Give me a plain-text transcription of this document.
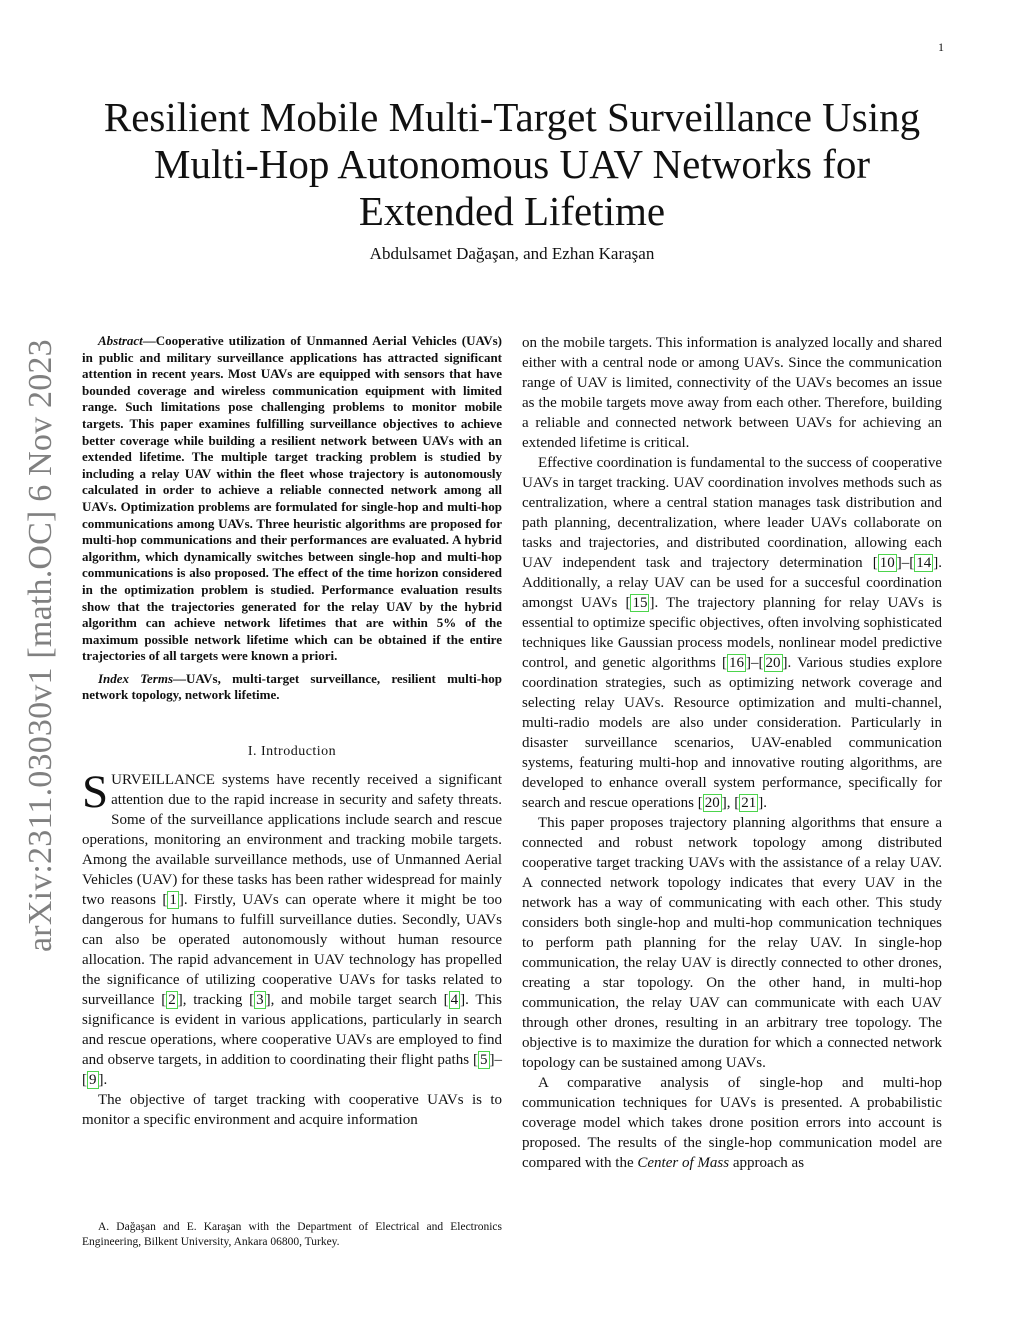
1
arXiv:2311.03030v1 [math.OC] 6 Nov 2023
Resilient Mobile Multi-Target Surveillance Using Multi-Hop Autonomous UAV Networks for Extended Lifetime
Abdulsamet Dağaşan, and Ezhan Karaşan

Abstract—Cooperative utilization of Unmanned Aerial Vehicles (UAVs) in public and military surveillance applications has attracted significant attention in recent years. Most UAVs are equipped with sensors that have bounded coverage and wireless communication equipment with limited range. Such limitations pose challenging problems to monitor mobile targets. This paper examines fulfilling surveillance objectives to achieve better coverage while building a resilient network between UAVs with an extended lifetime. The multiple target tracking problem is studied by including a relay UAV within the fleet whose trajectory is autonomously calculated in order to achieve a reliable connected network among all UAVs. Optimization problems are formulated for single-hop and multi-hop communications among UAVs. Three heuristic algorithms are proposed for multi-hop communications and their performances are evaluated. A hybrid algorithm, which dynamically switches between single-hop and multi-hop communications is also proposed. The effect of the time horizon considered in the optimization problem is studied. Performance evaluation results show that the trajectories generated for the relay UAV by the hybrid algorithm can achieve network lifetimes that are within 5% of the maximum possible network lifetime which can be obtained if the entire trajectories of all targets were known a priori.

Index Terms—UAVs, multi-target surveillance, resilient multi-hop network topology, network lifetime.

I. Introduction

SURVEILLANCE systems have recently received a significant attention due to the rapid increase in security and safety threats. Some of the surveillance applications include search and rescue operations, monitoring an environment and tracking mobile targets. Among the available surveillance methods, use of Unmanned Aerial Vehicles (UAV) for these tasks has been rather widespread for mainly two reasons [ 1 ]. Firstly, UAVs can operate where it might be too dangerous for humans to fulfill surveillance duties. Secondly, UAVs can also be operated autonomously without human resource allocation. The rapid advancement in UAV technology has propelled the significance of utilizing cooperative UAVs for tasks related to surveillance [ 2 ], tracking [ 3 ], and mobile target search [ 4 ]. This significance is evident in various applications, particularly in search and rescue operations, where cooperative UAVs are employed to find and observe targets, in addition to coordinating their flight paths [ 5 ]–[ 9 ].

The objective of target tracking with cooperative UAVs is to monitor a specific environment and acquire information

A. Dağaşan and E. Karaşan with the Department of Electrical and Electronics Engineering, Bilkent University, Ankara 06800, Turkey.

on the mobile targets. This information is analyzed locally and shared either with a central node or among UAVs. Since the communication range of UAV is limited, connectivity of the UAVs becomes an issue as the mobile targets move away from each other. Therefore, building a reliable and connected network between UAVs for achieving an extended lifetime is critical.

Effective coordination is fundamental to the success of cooperative UAVs in target tracking. UAV coordination involves methods such as centralization, where a central station manages task distribution and path planning, decentralization, where leader UAVs collaborate on tasks and trajectories, and distributed coordination, allowing each UAV independent task and trajectory determination [ 10 ]–[ 14 ]. Additionally, a relay UAV can be used for a succesful coordination amongst UAVs [ 15 ]. The trajectory planning for relay UAVs is essential to optimize specific objectives, often involving sophisticated techniques like Gaussian process models, nonlinear model predictive control, and genetic algorithms [ 16 ]–[ 20 ]. Various studies explore coordination strategies, such as optimizing network coverage and selecting relay UAVs. Resource optimization and multi-channel, multi-radio models are also under consideration. Particularly in disaster surveillance scenarios, UAV-enabled communication systems, featuring multi-hop and innovative routing algorithms, are developed to enhance overall system performance, specifically for search and rescue operations [ 20 ], [ 21 ].

This paper proposes trajectory planning algorithms that ensure a connected and robust network topology among distributed cooperative target tracking UAVs with the assistance of a relay UAV. A connected network topology indicates that every UAV in the network has a way of communicating with each other. This study considers both single-hop and multi-hop communication techniques to perform path planning for the relay UAV. In single-hop communication, the relay UAV is directly connected to other drones, creating a star topology. On the other hand, in multi-hop communication, the relay UAV can communicate with each UAV through other drones, resulting in an arbitrary tree topology. The objective is to maximize the duration for which a connected network topology can be sustained among UAVs.

A comparative analysis of single-hop and multi-hop communication techniques for UAVs is presented. A probabilistic coverage model which takes drone position errors into account is proposed. The results of the single-hop communication model are compared with the Center of Mass approach as
